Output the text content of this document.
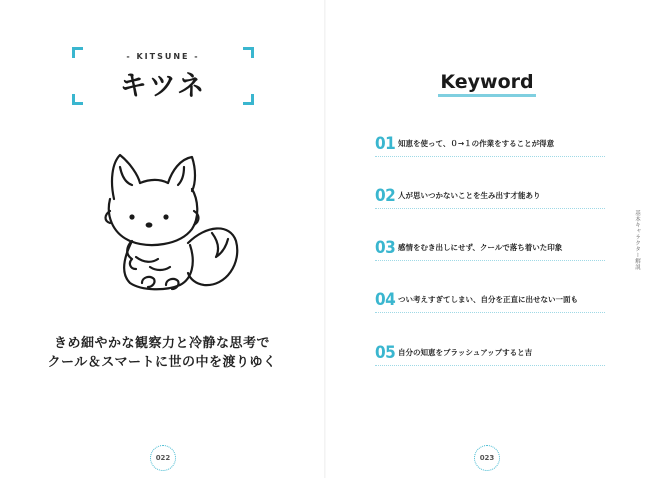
- KITSUNE -
キツネ
きめ細やかな観察力と冷静な思考で
クール＆スマートに世の中を渡りゆく
022
Keyword
01 知恵を使って、０→１の作業をすることが得意
02 人が思いつかないことを生み出す才能あり
03 感情をむき出しにせず、クールで落ち着いた印象
04 つい考えすぎてしまい、自分を正直に出せない一面も
05 自分の知恵をブラッシュアップすると吉
基本キャラクター解説
023
